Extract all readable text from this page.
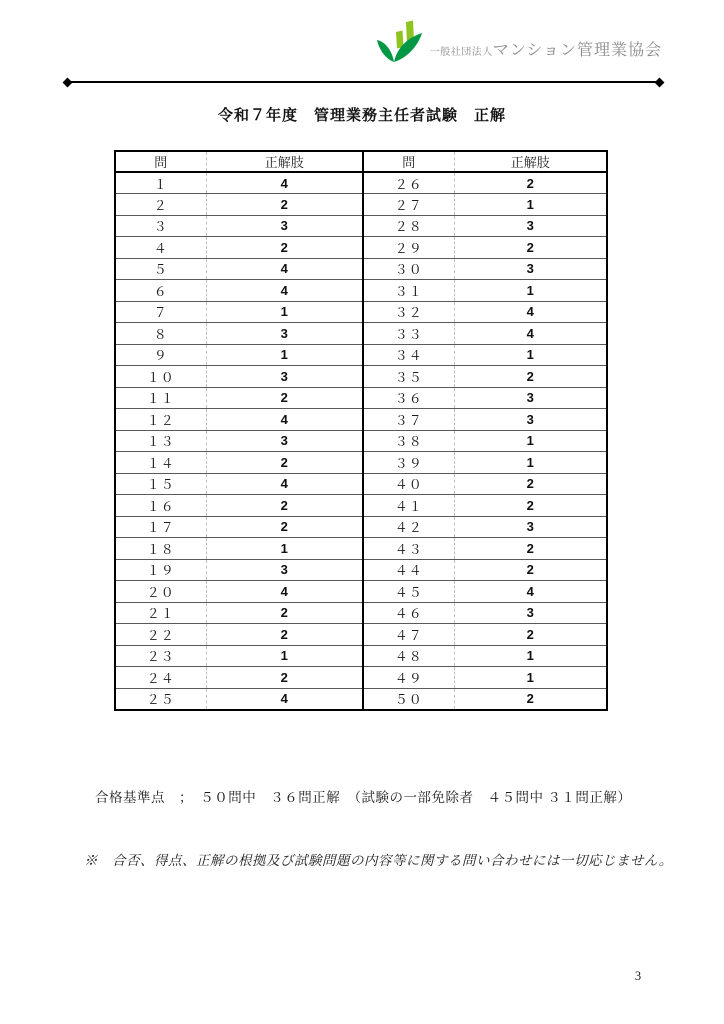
一般社団法人 マンション管理業協会
令和７年度　管理業務主任者試験　正解
問	正解肢	問	正解肢
１	4	２６	2
２	2	２７	1
３	3	２８	3
４	2	２９	2
５	4	３０	3
６	4	３１	1
７	1	３２	4
８	3	３３	4
９	1	３４	1
１０	3	３５	2
１１	2	３６	3
１２	4	３７	3
１３	3	３８	1
１４	2	３９	1
１５	4	４０	2
１６	2	４１	2
１７	2	４２	3
１８	1	４３	2
１９	3	４４	2
２０	4	４５	4
２１	2	４６	3
２２	2	４７	2
２３	1	４８	1
２４	2	４９	1
２５	4	５０	2
合格基準点　；　５０問中　３６問正解　（試験の一部免除者　４５問中 ３１問正解）
※　合否、得点、正解の根拠及び試験問題の内容等に関する問い合わせには一切応じません。
3
